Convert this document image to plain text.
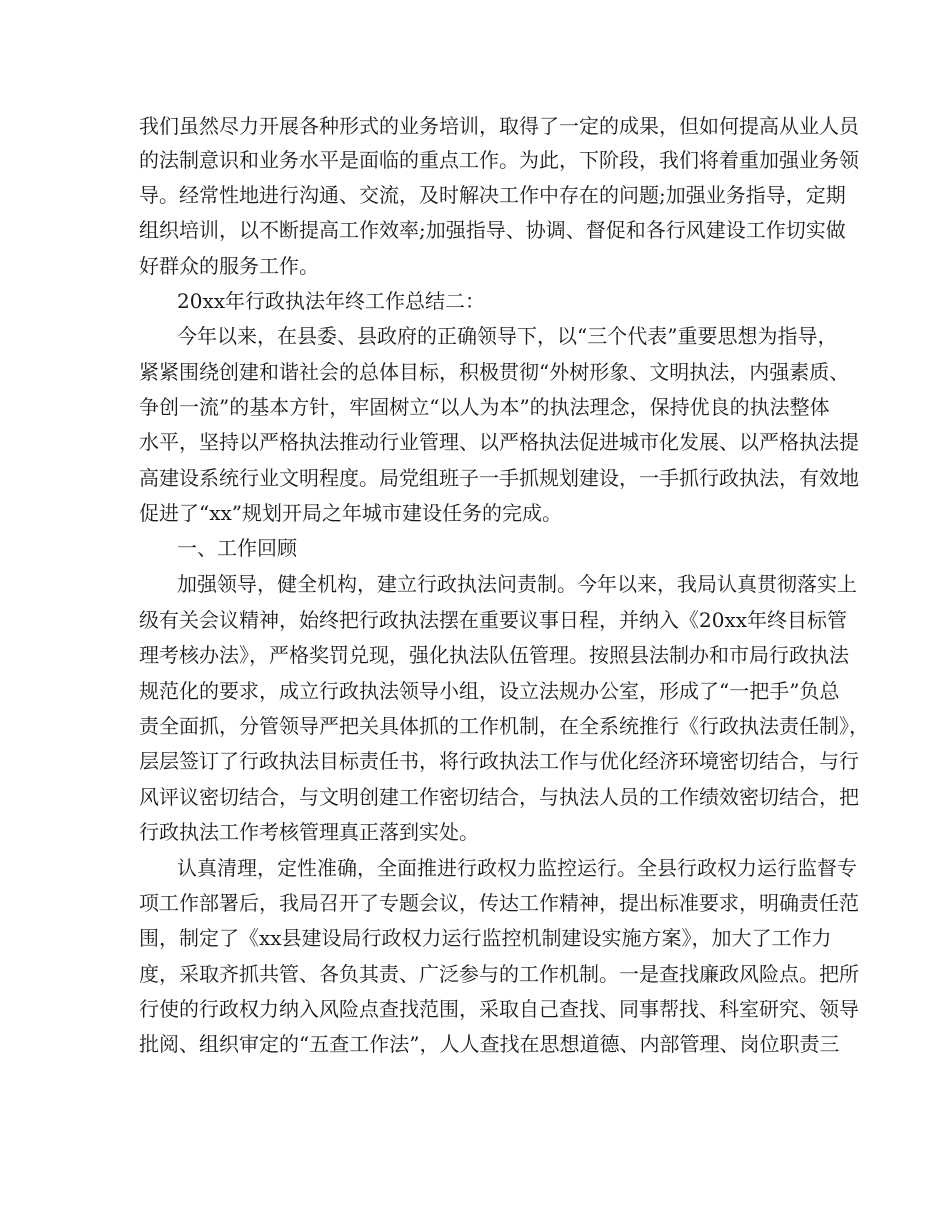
我们虽然尽力开展各种形式的业务培训，取得了一定的成果，但如何提高从业人员
的法制意识和业务水平是面临的重点工作。为此，下阶段，我们将着重加强业务领
导。经常性地进行沟通、交流，及时解决工作中存在的问题;加强业务指导，定期
组织培训，以不断提高工作效率;加强指导、协调、督促和各行风建设工作切实做
好群众的服务工作。
20xx年行政执法年终工作总结二：
今年以来，在县委、县政府的正确领导下，以“三个代表”重要思想为指导，
紧紧围绕创建和谐社会的总体目标，积极贯彻“外树形象、文明执法，内强素质、
争创一流”的基本方针，牢固树立“以人为本”的执法理念，保持优良的执法整体
水平，坚持以严格执法推动行业管理、以严格执法促进城市化发展、以严格执法提
高建设系统行业文明程度。局党组班子一手抓规划建设，一手抓行政执法，有效地
促进了“xx”规划开局之年城市建设任务的完成。
一、工作回顾
加强领导，健全机构，建立行政执法问责制。今年以来，我局认真贯彻落实上
级有关会议精神，始终把行政执法摆在重要议事日程，并纳入《20xx年终目标管
理考核办法》，严格奖罚兑现，强化执法队伍管理。按照县法制办和市局行政执法
规范化的要求，成立行政执法领导小组，设立法规办公室，形成了“一把手”负总
责全面抓，分管领导严把关具体抓的工作机制，在全系统推行《行政执法责任制》，
层层签订了行政执法目标责任书，将行政执法工作与优化经济环境密切结合，与行
风评议密切结合，与文明创建工作密切结合，与执法人员的工作绩效密切结合，把
行政执法工作考核管理真正落到实处。
认真清理，定性准确，全面推进行政权力监控运行。全县行政权力运行监督专
项工作部署后，我局召开了专题会议，传达工作精神，提出标准要求，明确责任范
围，制定了《xx县建设局行政权力运行监控机制建设实施方案》，加大了工作力
度，采取齐抓共管、各负其责、广泛参与的工作机制。一是查找廉政风险点。把所
行使的行政权力纳入风险点查找范围，采取自己查找、同事帮找、科室研究、领导
批阅、组织审定的“五查工作法”，人人查找在思想道德、内部管理、岗位职责三
